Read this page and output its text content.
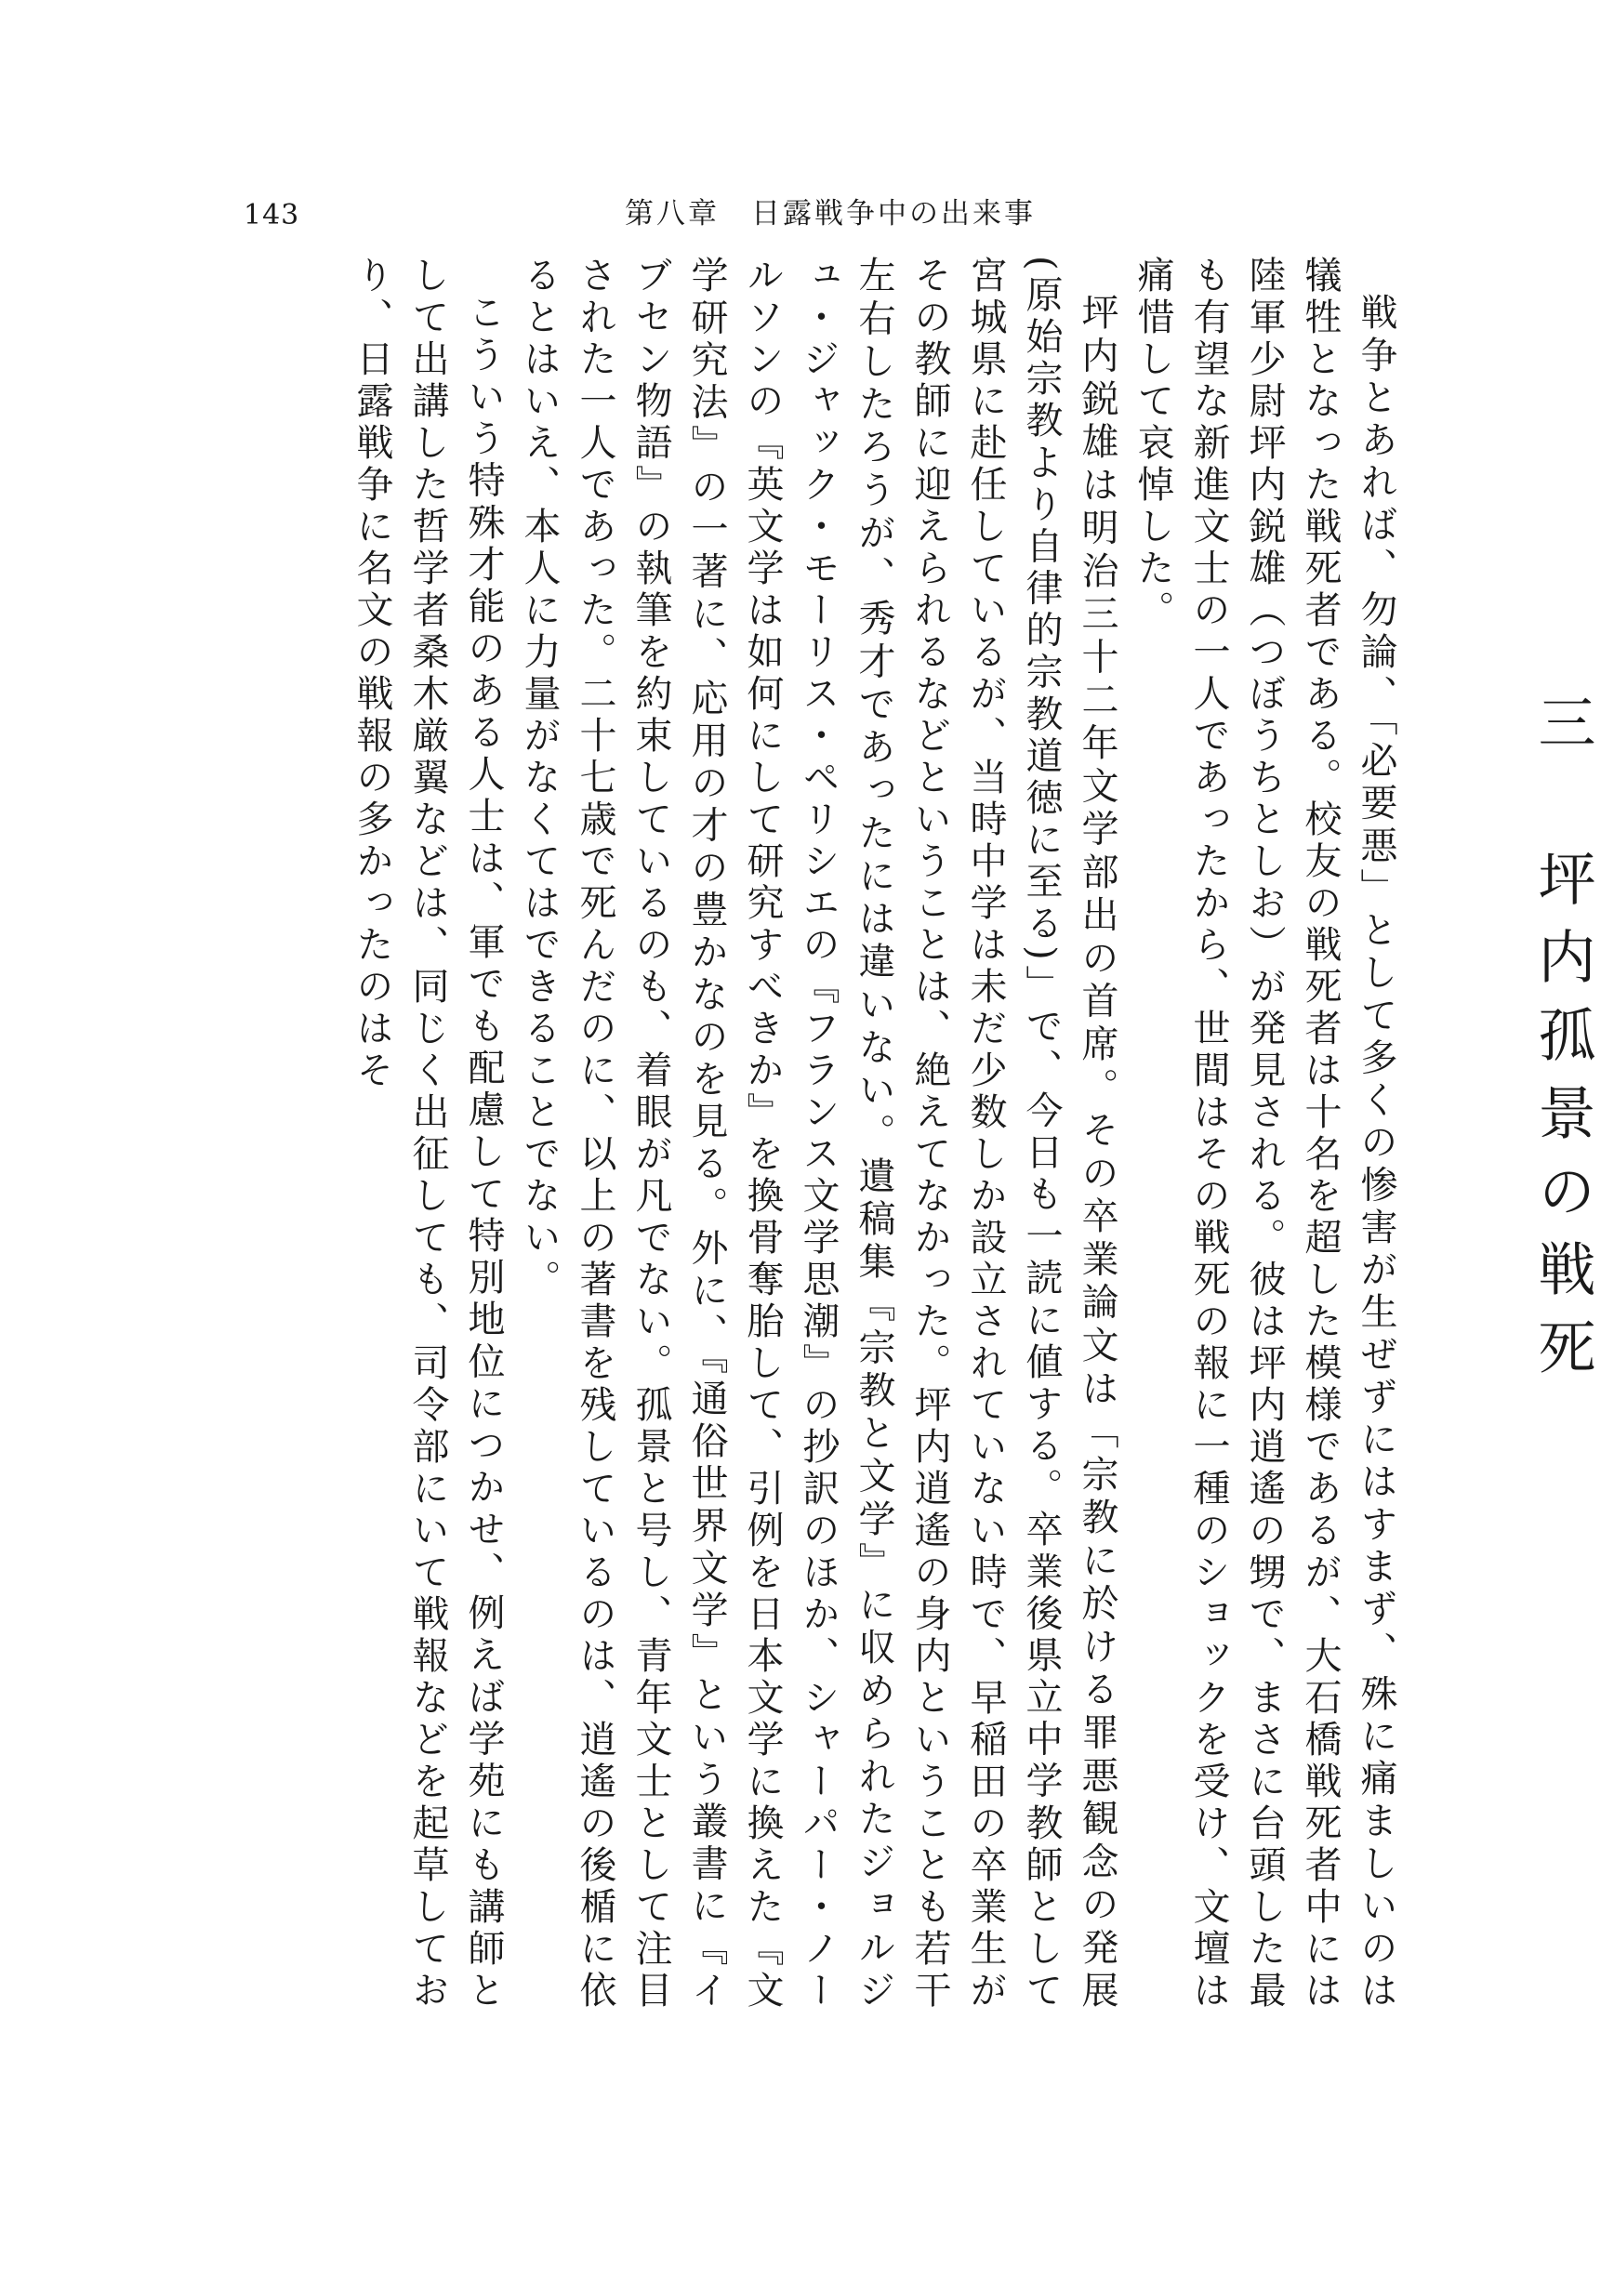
143	第八章　日露戦争中の出来事
三　坪内孤景の戦死

戦争とあれば、勿論、「必要悪」として多くの惨害が生ぜずにはすまず、殊に痛ましいのは犠牲となった戦死者である。校友の戦死者は十名を超した模様であるが、大石橋戦死者中には陸軍少尉坪内鋭雄（つぼうちとしお）が発見される。彼は坪内逍遙の甥で、まさに台頭した最も有望な新進文士の一人であったから、世間はその戦死の報に一種のショックを受け、文壇は痛惜して哀悼した。

坪内鋭雄は明治三十二年文学部出の首席。その卒業論文は「宗教に於ける罪悪観念の発展(原始宗教より自律的宗教道徳に至る)」で、今日も一読に値する。卒業後県立中学教師として宮城県に赴任しているが、当時中学は未だ少数しか設立されていない時で、早稲田の卒業生がその教師に迎えられるなどということは、絶えてなかった。坪内逍遙の身内ということも若干左右したろうが、秀才であったには違いない。遺稿集『宗教と文学』に収められたジョルジュ・ジャック・モーリス・ペリシエの『フランス文学思潮』の抄訳のほか、シャーパー・ノールソンの『英文学は如何にして研究すべきか』を換骨奪胎して、引例を日本文学に換えた『文学研究法』の一著に、応用の才の豊かなのを見る。外に、『通俗世界文学』という叢書に『イブセン物語』の執筆を約束しているのも、着眼が凡でない。孤景と号し、青年文士として注目された一人であった。二十七歳で死んだのに、以上の著書を残しているのは、逍遙の後楯に依るとはいえ、本人に力量がなくてはできることでない。

こういう特殊才能のある人士は、軍でも配慮して特別地位につかせ、例えば学苑にも講師として出講した哲学者桑木厳翼などは、同じく出征しても、司令部にいて戦報などを起草しており、日露戦争に名文の戦報の多かったのはそ
